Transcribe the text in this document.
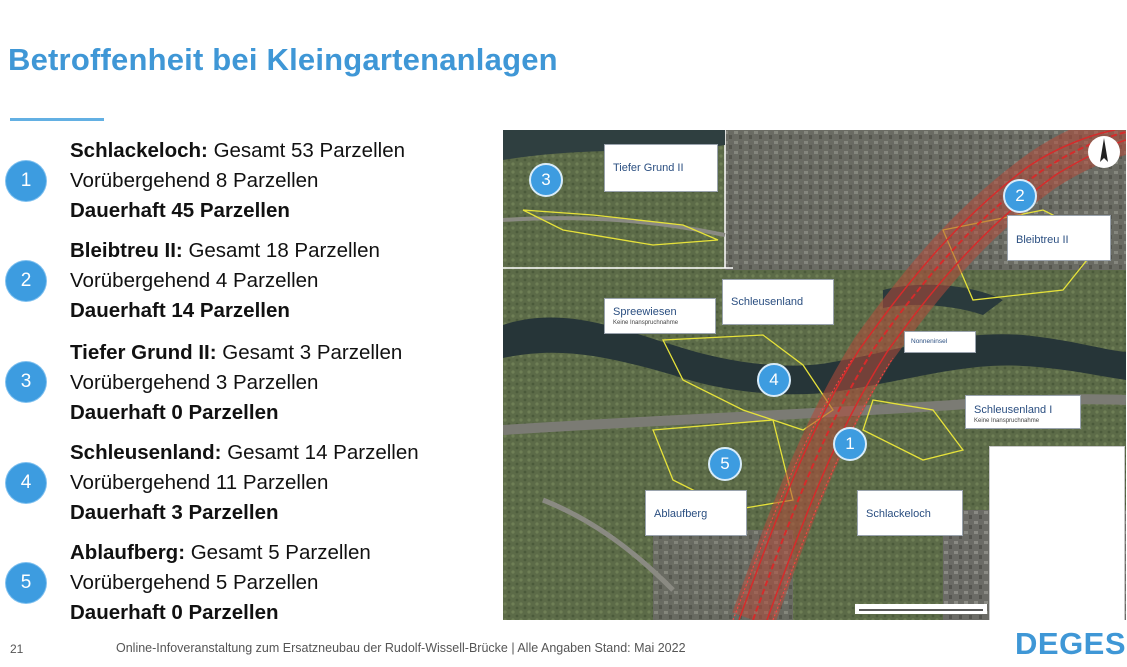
Betroffenheit bei Kleingartenanlagen
1
Schlackeloch: Gesamt 53 Parzellen
Vorübergehend 8 Parzellen
Dauerhaft 45 Parzellen
2
Bleibtreu II: Gesamt 18 Parzellen
Vorübergehend 4 Parzellen
Dauerhaft 14 Parzellen
3
Tiefer Grund II: Gesamt 3 Parzellen
Vorübergehend 3 Parzellen
Dauerhaft 0 Parzellen
4
Schleusenland: Gesamt 14 Parzellen
Vorübergehend 11 Parzellen
Dauerhaft 3 Parzellen
5
Ablaufberg: Gesamt 5 Parzellen
Vorübergehend 5 Parzellen
Dauerhaft 0 Parzellen
Tiefer Grund II
Bleibtreu II
Spreewiesen
Keine Inanspruchnahme
Schleusenland
Nonneninsel
Schleusenland I
Keine Inanspruchnahme
Ablaufberg	Schlackeloch
3
2
4
1
5
21	Online-Infoveranstaltung zum Ersatzneubau der Rudolf-Wissell-Brücke | Alle Angaben Stand: Mai 2022	DEGES
